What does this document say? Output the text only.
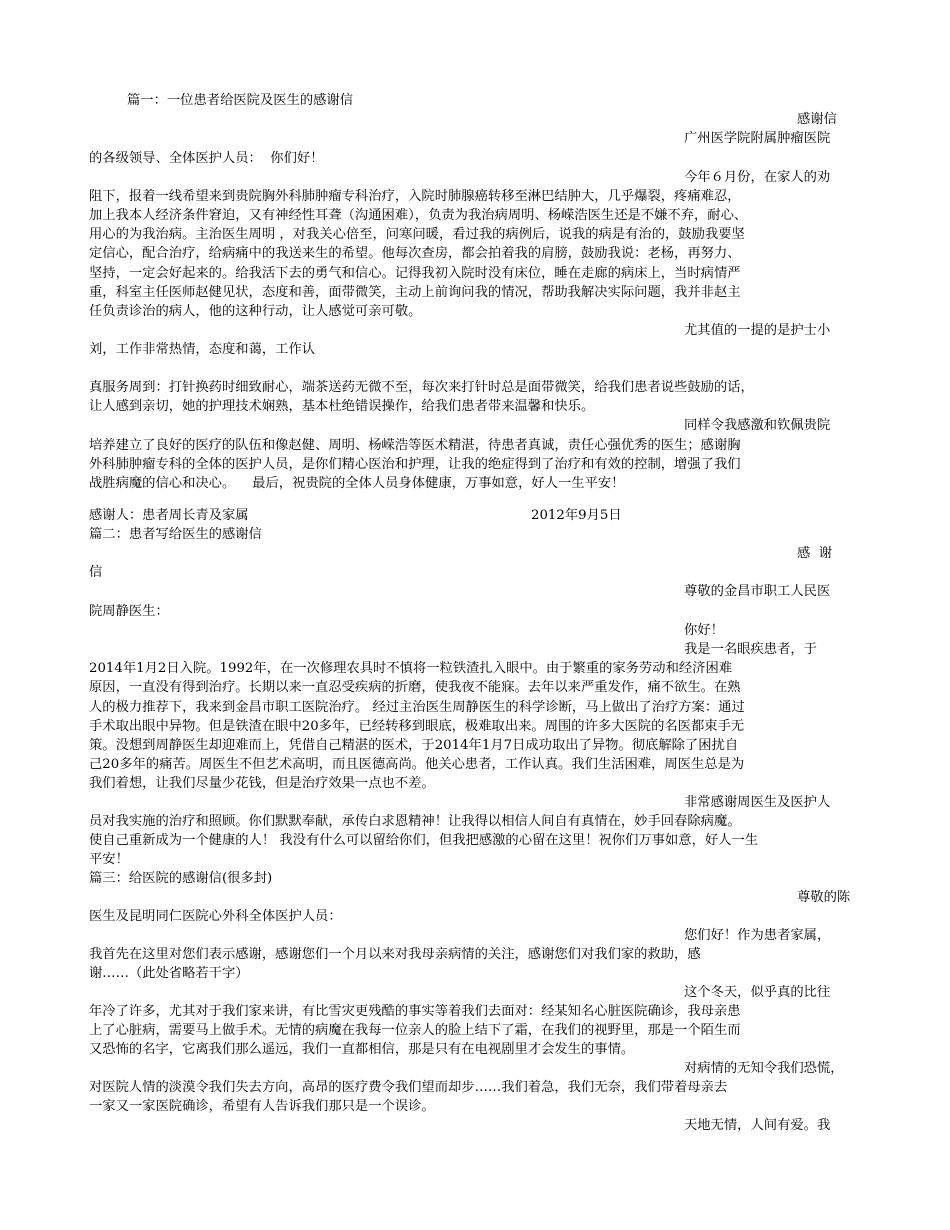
篇一：一位患者给医院及医生的感谢信
感谢信
广州医学院附属肿瘤医院
的各级领导、全体医护人员：  你们好！
今年６月份，在家人的劝
阻下，报着一线希望来到贵院胸外科肺肿瘤专科治疗，入院时肺腺癌转移至淋巴结肿大，几乎爆裂，疼痛难忍，
加上我本人经济条件窘迫，又有神经性耳聋（沟通困难），负责为我治病周明、杨嵘浩医生还是不嫌不弃，耐心、
用心的为我治病。主治医生周明 ，对我关心倍至，问寒问暖，看过我的病例后，说我的病是有治的，鼓励我要坚
定信心，配合治疗，给病痛中的我送来生的希望。他每次查房，都会拍着我的肩膀，鼓励我说：老杨，再努力、
坚持，一定会好起来的。给我活下去的勇气和信心。记得我初入院时没有床位，睡在走廊的病床上，当时病情严
重，科室主任医师赵健见状，态度和善，面带微笑，主动上前询问我的情况，帮助我解决实际问题，我并非赵主
任负责诊治的病人，他的这种行动，让人感觉可亲可敬。
尤其值的一提的是护士小
刘，工作非常热情，态度和蔼，工作认
真服务周到：打针换药时细致耐心，端茶送药无微不至，每次来打针时总是面带微笑，给我们患者说些鼓励的话，
让人感到亲切，她的护理技术娴熟，基本杜绝错误操作，给我们患者带来温馨和快乐。
同样令我感激和钦佩贵院
培养建立了良好的医疗的队伍和像赵健、周明、杨嵘浩等医术精湛，待患者真诚，责任心强优秀的医生；感谢胸
外科肺肿瘤专科的全体的医护人员，是你们精心医治和护理，让我的绝症得到了治疗和有效的控制，增强了我们
战胜病魔的信心和决心。    最后，祝贵院的全体人员身体健康，万事如意，好人一生平安！
感谢人：患者周长青及家属	2012年9月5日
篇二：患者写给医生的感谢信
感  谢
信
尊敬的金昌市职工人民医
院周静医生：
你好！
我是一名眼疾患者，于
2014年1月2日入院。1992年，在一次修理农具时不慎将一粒铁渣扎入眼中。由于繁重的家务劳动和经济困难
原因，一直没有得到治疗。长期以来一直忍受疾病的折磨，使我夜不能寐。去年以来严重发作，痛不欲生。在熟
人的极力推荐下，我来到金昌市职工医院治疗。 经过主治医生周静医生的科学诊断，马上做出了治疗方案：通过
手术取出眼中异物。但是铁渣在眼中20多年，已经转移到眼底，极难取出来。周围的许多大医院的名医都束手无
策。没想到周静医生却迎难而上，凭借自己精湛的医术，于2014年1月7日成功取出了异物。彻底解除了困扰自
己20多年的痛苦。周医生不但艺术高明，而且医德高尚。他关心患者，工作认真。我们生活困难，周医生总是为
我们着想，让我们尽量少花钱，但是治疗效果一点也不差。
非常感谢周医生及医护人
员对我实施的治疗和照顾。你们默默奉献，承传白求恩精神！让我得以相信人间自有真情在，妙手回春除病魔。
使自己重新成为一个健康的人！ 我没有什么可以留给你们，但我把感激的心留在这里！祝你们万事如意，好人一生
平安！
篇三：给医院的感谢信(很多封)
尊敬的陈
医生及昆明同仁医院心外科全体医护人员：
您们好！作为患者家属，
我首先在这里对您们表示感谢，感谢您们一个月以来对我母亲病情的关注，感谢您们对我们家的救助，感
谢……（此处省略若干字）
这个冬天，似乎真的比往
年冷了许多，尤其对于我们家来讲，有比雪灾更残酷的事实等着我们去面对：经某知名心脏医院确诊，我母亲患
上了心脏病，需要马上做手术。无情的病魔在我每一位亲人的脸上结下了霜，在我们的视野里，那是一个陌生而
又恐怖的名字，它离我们那么遥远，我们一直都相信，那是只有在电视剧里才会发生的事情。
对病情的无知令我们恐慌，
对医院人情的淡漠令我们失去方向，高昂的医疗费令我们望而却步……我们着急，我们无奈，我们带着母亲去
一家又一家医院确诊，希望有人告诉我们那只是一个误诊。
天地无情，人间有爱。我
